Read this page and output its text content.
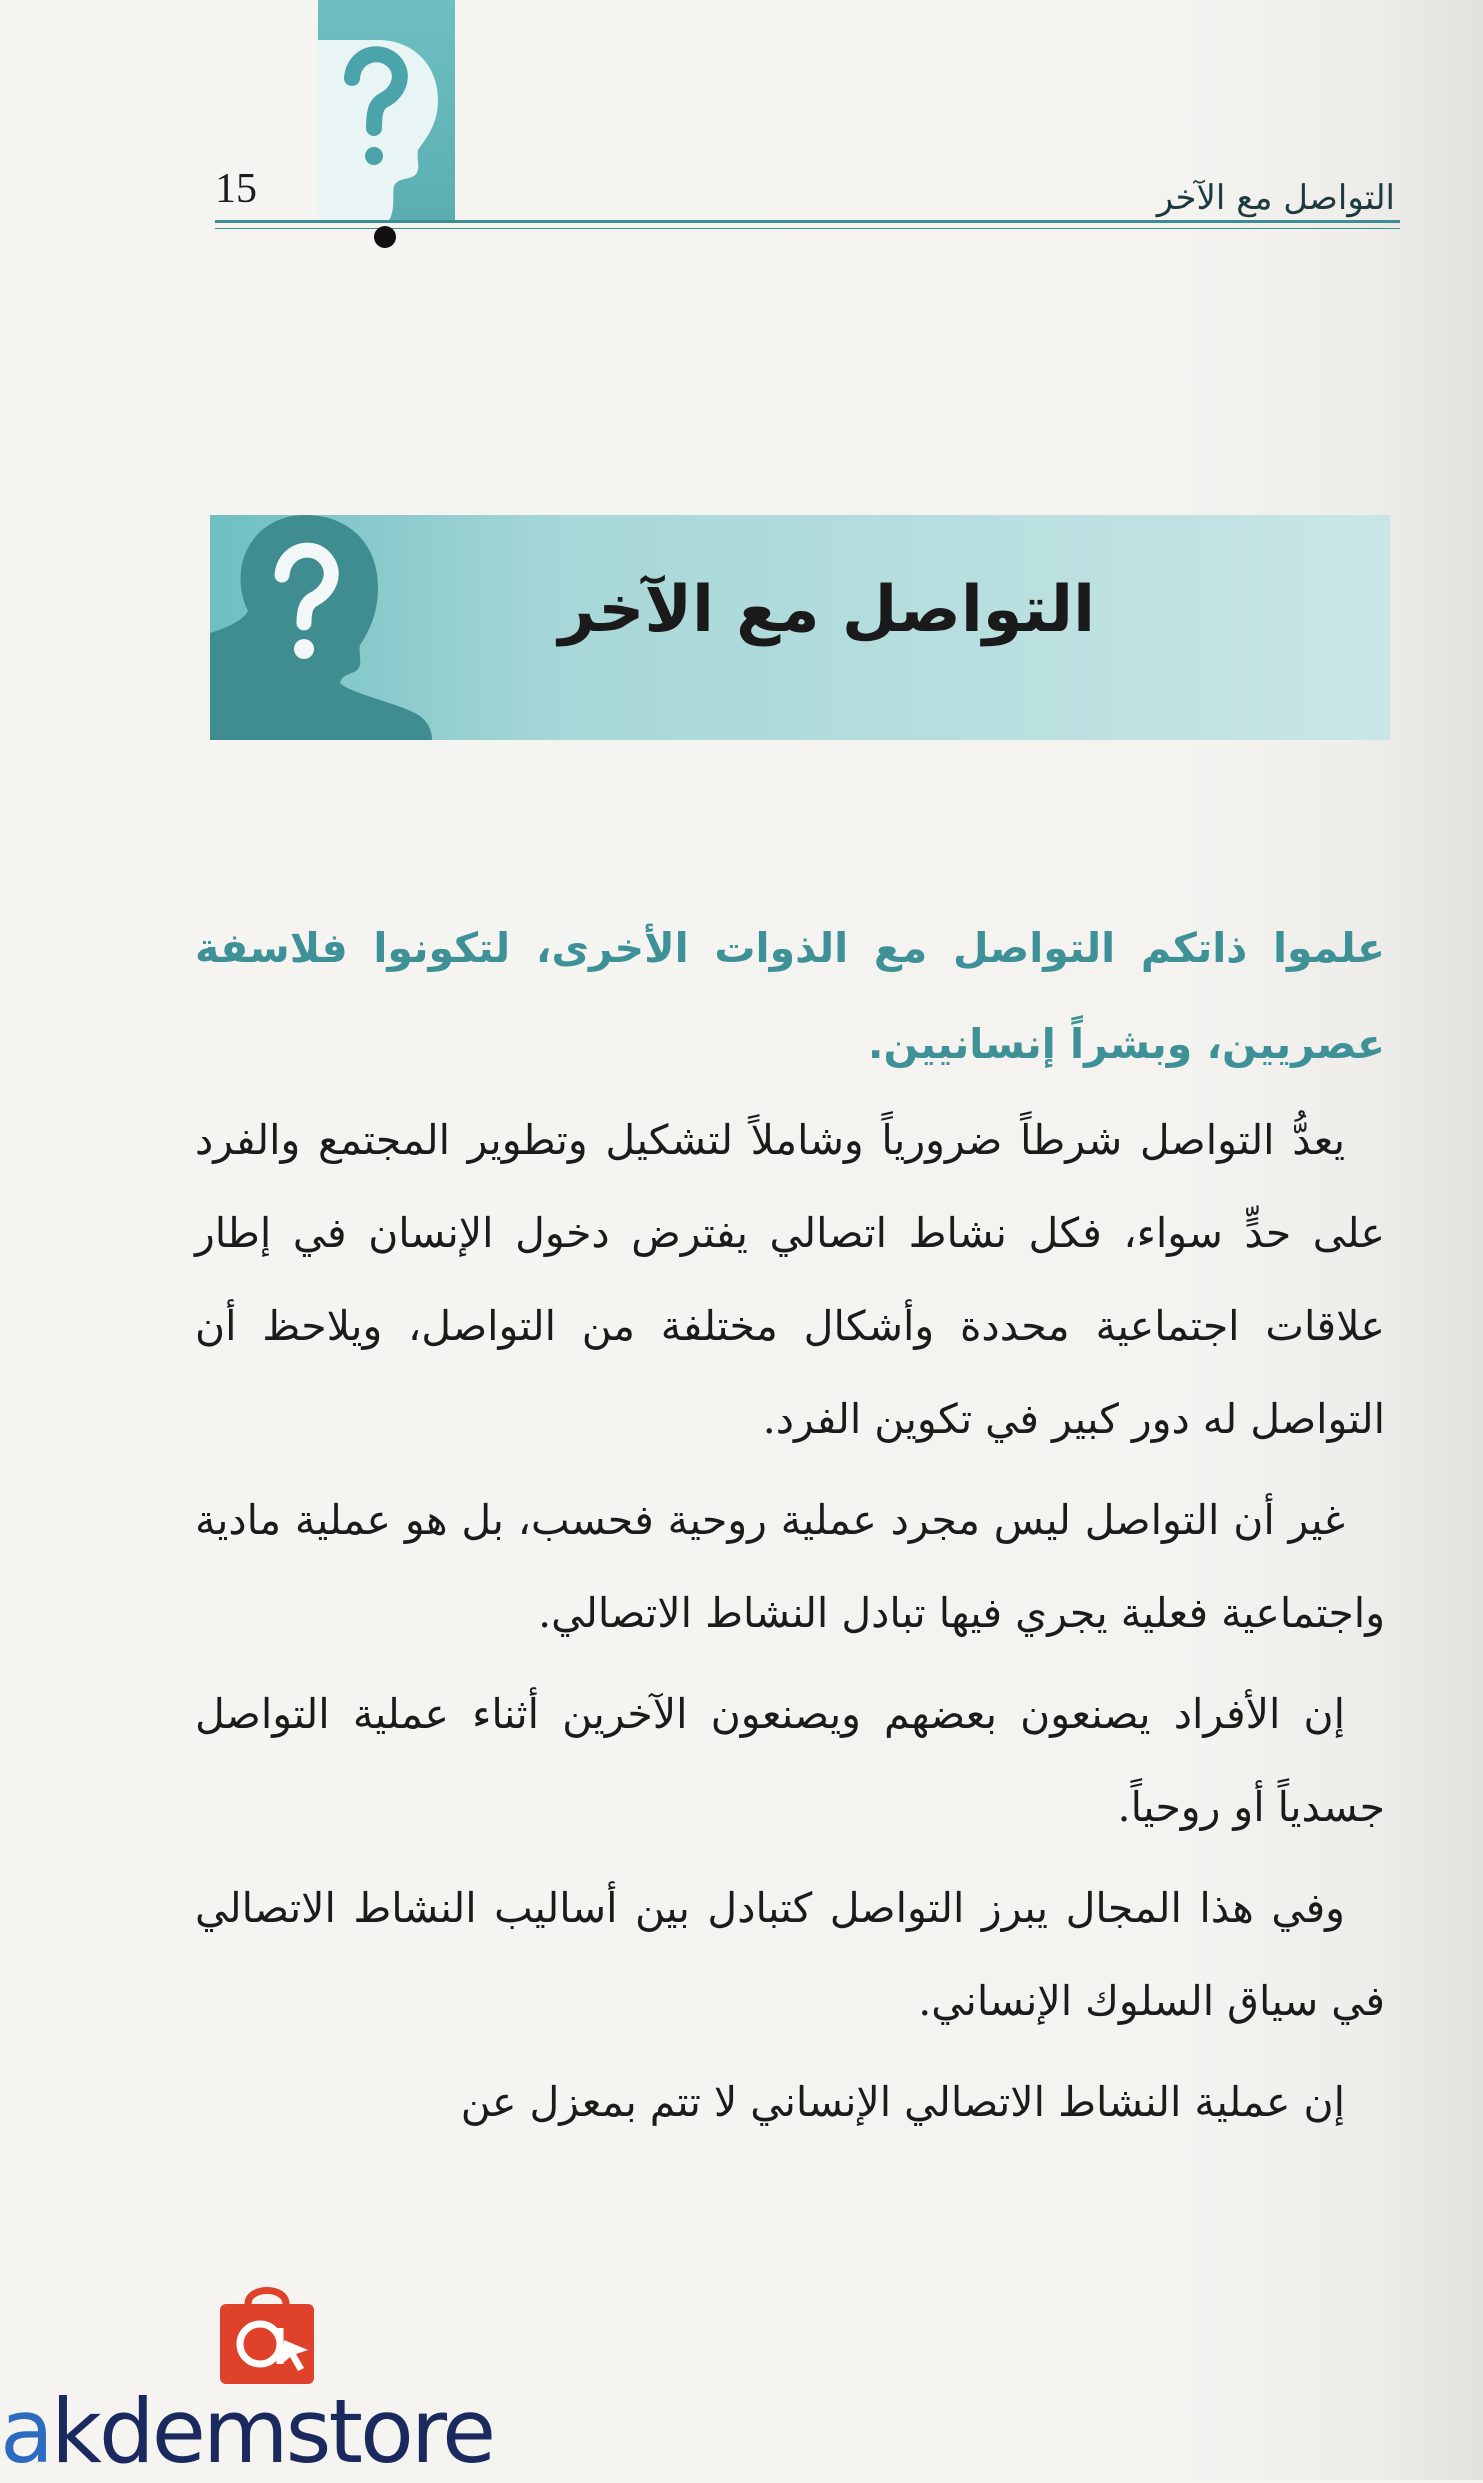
15	التواصل مع الآخر
التواصل مع الآخر

علموا ذاتكم التواصل مع الذوات الأخرى، لتكونوا فلاسفة عصريين، وبشراً إنسانيين.

يعدُّ التواصل شرطاً ضرورياً وشاملاً لتشكيل وتطوير المجتمع والفرد على حدٍّ سواء، فكل نشاط اتصالي يفترض دخول الإنسان في إطار علاقات اجتماعية محددة وأشكال مختلفة من التواصل، ويلاحظ أن التواصل له دور كبير في تكوين الفرد.

غير أن التواصل ليس مجرد عملية روحية فحسب، بل هو عملية مادية واجتماعية فعلية يجري فيها تبادل النشاط الاتصالي.

إن الأفراد يصنعون بعضهم ويصنعون الآخرين أثناء عملية التواصل جسدياً أو روحياً.

وفي هذا المجال يبرز التواصل كتبادل بين أساليب النشاط الاتصالي في سياق السلوك الإنساني.

إن عملية النشاط الاتصالي الإنساني لا تتم بمعزل عن

akdemstore
